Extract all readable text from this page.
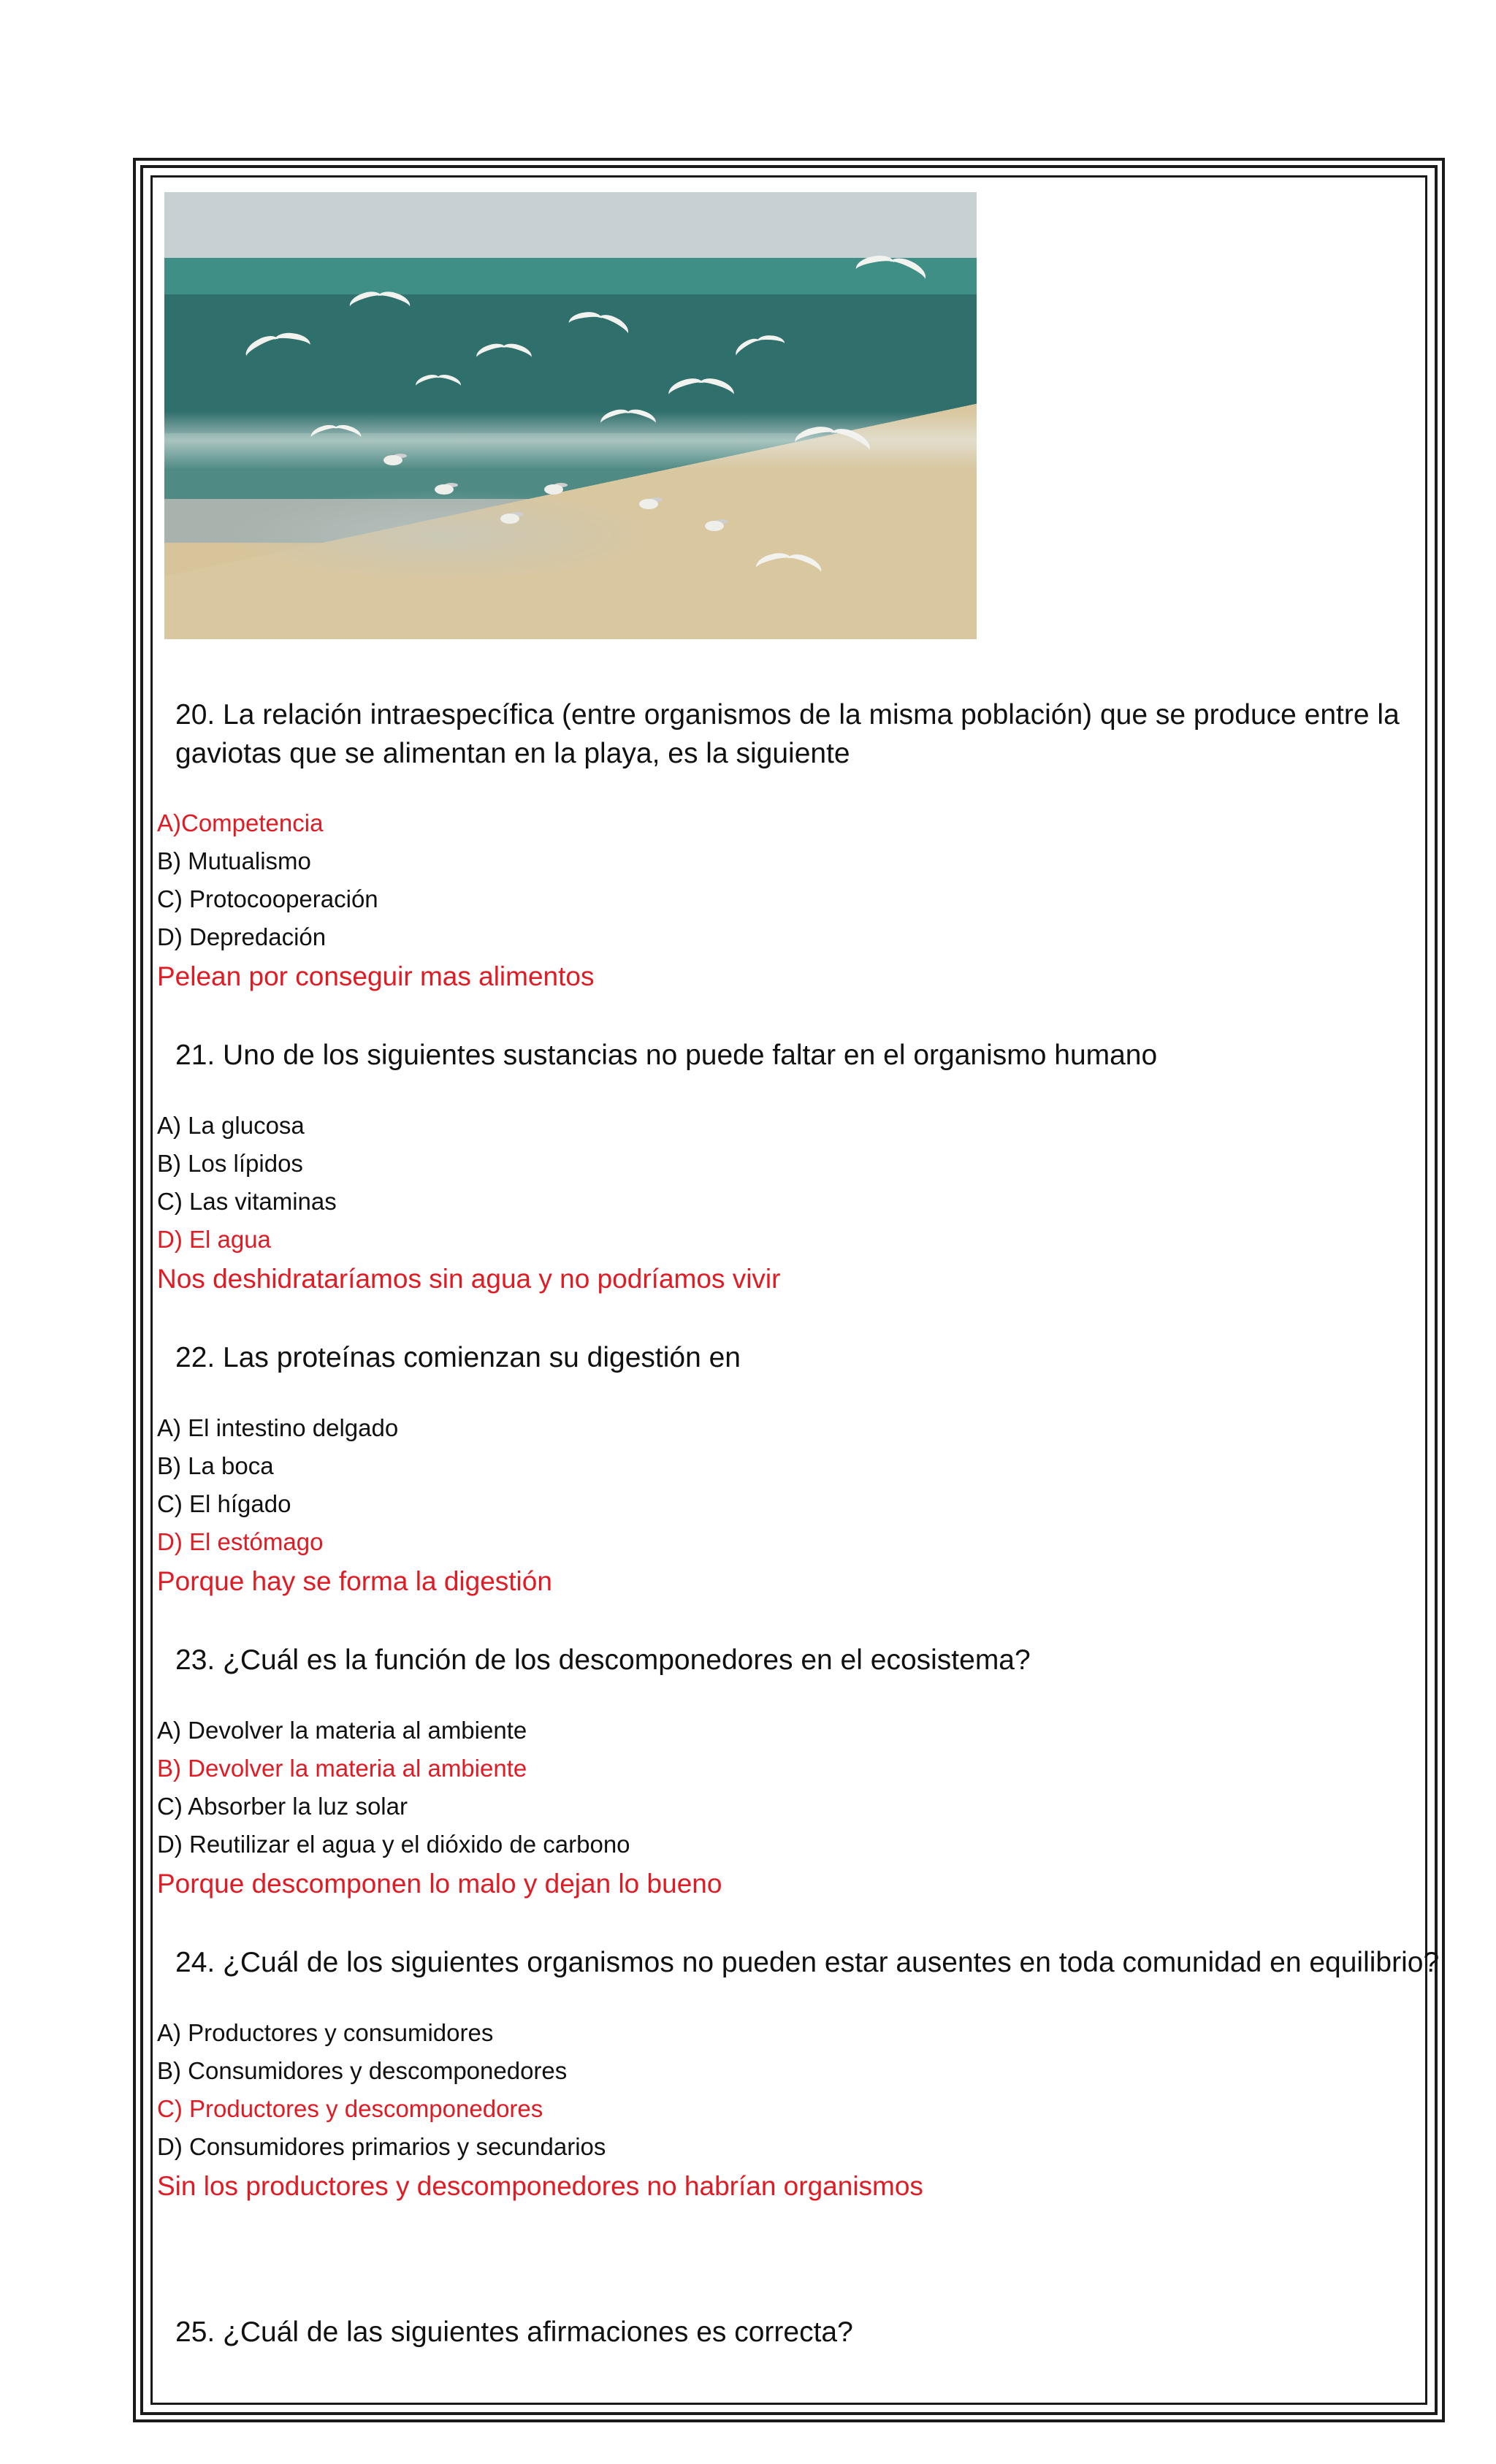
20. La relación intraespecífica (entre organismos de la misma población) que se produce entre la

gaviotas que se alimentan en la playa, es la siguiente

A)Competencia

B) Mutualismo

C) Protocooperación

D) Depredación

Pelean por conseguir mas alimentos

21. Uno de los siguientes sustancias no puede faltar en el organismo humano

A) La glucosa

B) Los lípidos

C) Las vitaminas

D) El agua

Nos deshidrataríamos sin agua y no podríamos vivir

22. Las proteínas comienzan su digestión en

A) El intestino delgado

B) La boca

C) El hígado

D) El estómago

Porque hay se forma la digestión

23. ¿Cuál es la función de los descomponedores en el ecosistema?

A) Devolver la materia al ambiente

B) Devolver la materia al ambiente

C) Absorber la luz solar

D) Reutilizar el agua y el dióxido de carbono

Porque descomponen lo malo y dejan lo bueno

24. ¿Cuál de los siguientes organismos no pueden estar ausentes en toda comunidad en equilibrio?

A) Productores y consumidores

B) Consumidores y descomponedores

C) Productores y descomponedores

D) Consumidores primarios y secundarios

Sin los productores y descomponedores no habrían organismos

25. ¿Cuál de las siguientes afirmaciones es correcta?
